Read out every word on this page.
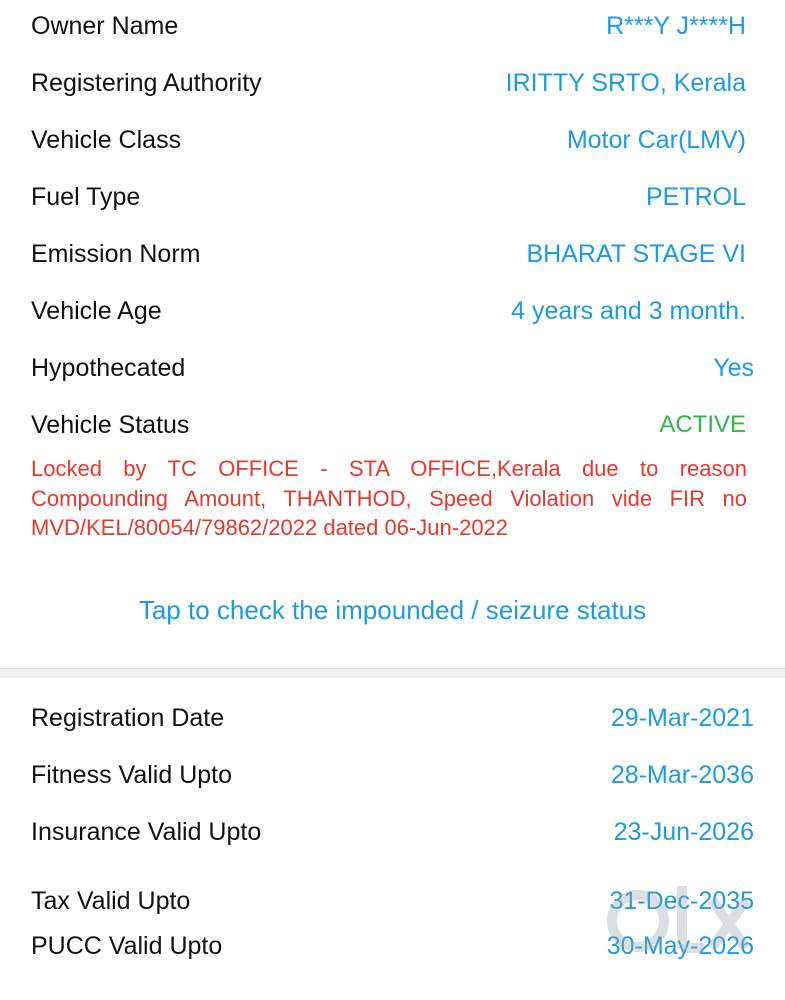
Owner Name	R***Y J****H
Registering Authority	IRITTY SRTO, Kerala
Vehicle Class	Motor Car(LMV)
Fuel Type	PETROL
Emission Norm	BHARAT STAGE VI
Vehicle Age	4 years and 3 month.
Hypothecated	Yes
Vehicle Status	ACTIVE
Locked by TC OFFICE - STA OFFICE,Kerala due to reason Compounding Amount, THANTHOD, Speed Violation vide FIR no MVD/KEL/80054/79862/2022 dated 06-Jun-2022
Tap to check the impounded / seizure status
Registration Date	29-Mar-2021
Fitness Valid Upto	28-Mar-2036
Insurance Valid Upto	23-Jun-2026
Tax Valid Upto	31-Dec-2035
PUCC Valid Upto	30-May-2026
